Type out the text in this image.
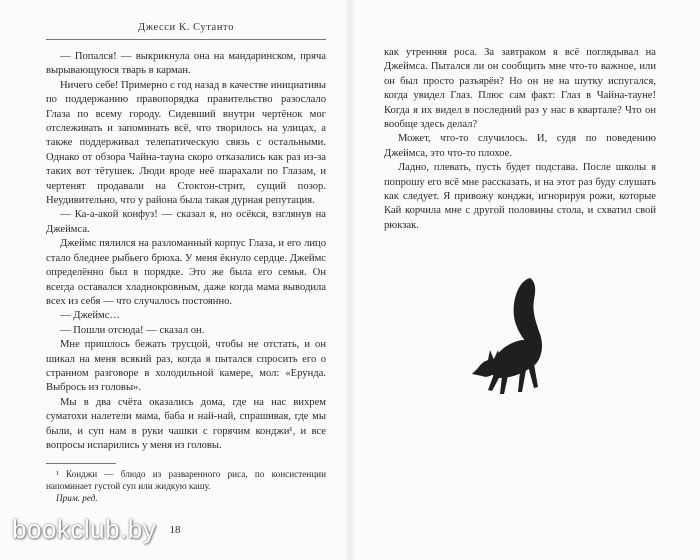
Джесси К. Сутанто

— Попался! — выкрикнула она на мандаринском, пряча вырывающуюся тварь в карман.

Ничего себе! Примерно с год назад в качестве инициативы по поддержанию правопорядка правительство разослало Глаза по всему городу. Сидевший внутри чертёнок мог отслеживать и запоминать всё, что творилось на улицах, а также поддерживал телепатическую связь с остальными. Однако от обзора Чайна-тауна скоро отказались как раз из-за таких вот тётушек. Люди вроде неё шарахали по Глазам, и чертенят продавали на Стоктон-стрит, сущий позор. Неудивительно, что у района была такая дурная репутация.

— Ка-а-акой конфуз! — сказал я, но осёкся, взглянув на Джеймса.

Джеймс пялился на разломанный корпус Глаза, и его лицо стало бледнее рыбьего брюха. У меня ёкнуло сердце. Джеймс определённо был в порядке. Это же была его семья. Он всегда оставался хладнокровным, даже когда мама выводила всех из себя — что случалось постоянно.

— Джеймс…

— Пошли отсюда! — сказал он.

Мне пришлось бежать трусцой, чтобы не отстать, и он шикал на меня всякий раз, когда я пытался спросить его о странном разговоре в холодильной камере, мол: «Ерунда. Выбрось из головы».

Мы в два счёта оказались дома, где на нас вихрем суматохи налетели мама, баба и най-най, спрашивая, где мы были, и суп нам в руки чашки с горячим конджи¹, и все вопросы испарились у меня из головы.

¹ Конджи — блюдо из разваренного риса, по консистенции напоминает густой суп или жидкую кашу.

Прим. ред.

18

как утренняя роса. За завтраком я всё поглядывал на Джеймса. Пытался ли он сообщить мне что-то важное, или он был просто разъярён? Но он не на шутку испугался, когда увидел Глаз. Плюс сам факт: Глаз в Чайна-тауне! Когда я их видел в последний раз у нас в квартале? Что он вообще здесь делал?

Может, что-то случилось. И, судя по поведению Джеймса, это что-то плохое.

Ладно, плевать, пусть будет подстава. После школы я попрошу его всё мне рассказать, и на этот раз буду слушать как следует. Я привожу конджи, игнорируя рожи, которые Кай корчила мне с другой половины стола, и схватил свой рюкзак.

bookclub.by
